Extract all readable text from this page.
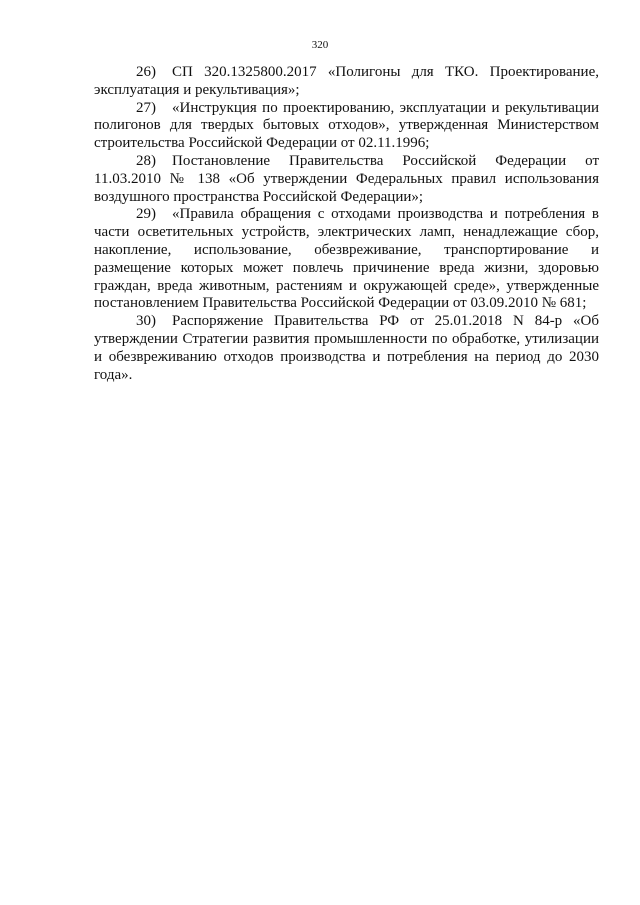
320

26) СП 320.1325800.2017 «Полигоны для ТКО. Проектирование, эксплуатация и рекультивация»;

27) «Инструкция по проектированию, эксплуатации и рекультивации полигонов для твердых бытовых отходов», утвержденная Министерством строительства Российской Федерации от 02.11.1996;

28) Постановление Правительства Российской Федерации от 11.03.2010 № 138 «Об утверждении Федеральных правил использования воздушного пространства Российской Федерации»;

29) «Правила обращения с отходами производства и потребления в части осветительных устройств, электрических ламп, ненадлежащие сбор, накопление, использование, обезвреживание, транспортирование и размещение которых может повлечь причинение вреда жизни, здоровью граждан, вреда животным, растениям и окружающей среде», утвержденные постановлением Правительства Российской Федерации от 03.09.2010 № 681;

30) Распоряжение Правительства РФ от 25.01.2018 N 84-р «Об утверждении Стратегии развития промышленности по обработке, утилизации и обезвреживанию отходов производства и потребления на период до 2030 года».
